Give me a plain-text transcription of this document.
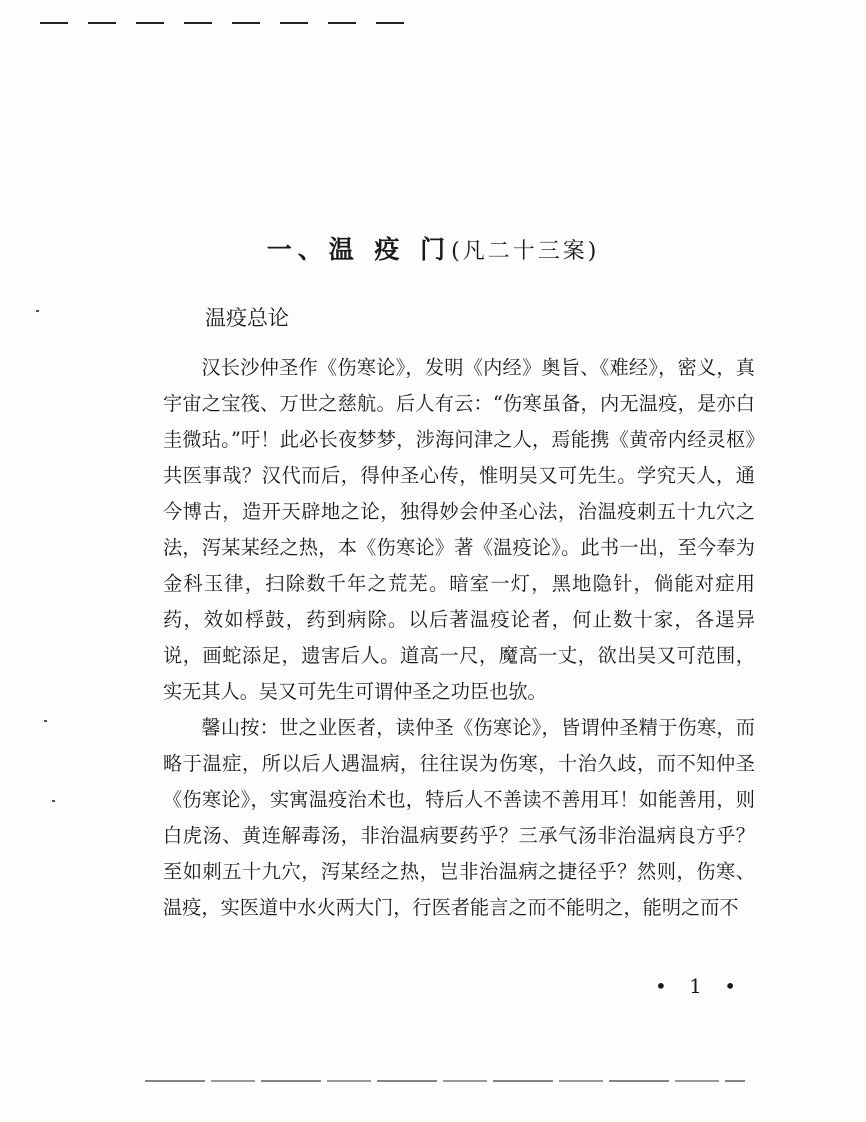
一、温 疫 门(凡二十三案)
温疫总论

汉长沙仲圣作《伤寒论》，发明《内经》奥旨、《难经》，密义，真宇宙之宝筏、万世之慈航。后人有云：“伤寒虽备，内无温疫，是亦白圭微玷。”吁！此必长夜梦梦，涉海问津之人，焉能携《黄帝内经灵枢》共医事哉？汉代而后，得仲圣心传，惟明吴又可先生。学究天人，通今博古，造开天辟地之论，独得妙会仲圣心法，治温疫刺五十九穴之法，泻某某经之热，本《伤寒论》著《温疫论》。此书一出，至今奉为金科玉律，扫除数千年之荒芜。暗室一灯，黑地隐针，倘能对症用药，效如桴鼓，药到病除。以后著温疫论者，何止数十家，各逞异说，画蛇添足，遗害后人。道高一尺，魔高一丈，欲出吴又可范围，实无其人。吴又可先生可谓仲圣之功臣也欤。

馨山按：世之业医者，读仲圣《伤寒论》，皆谓仲圣精于伤寒，而略于温症，所以后人遇温病，往往误为伤寒，十治久歧，而不知仲圣《伤寒论》，实寓温疫治术也，特后人不善读不善用耳！如能善用，则白虎汤、黄连解毒汤，非治温病要药乎？三承气汤非治温病良方乎？至如刺五十九穴，泻某经之热，岂非治温病之捷径乎？然则，伤寒、温疫，实医道中水火两大门，行医者能言之而不能明之，能明之而不

• 1 •
